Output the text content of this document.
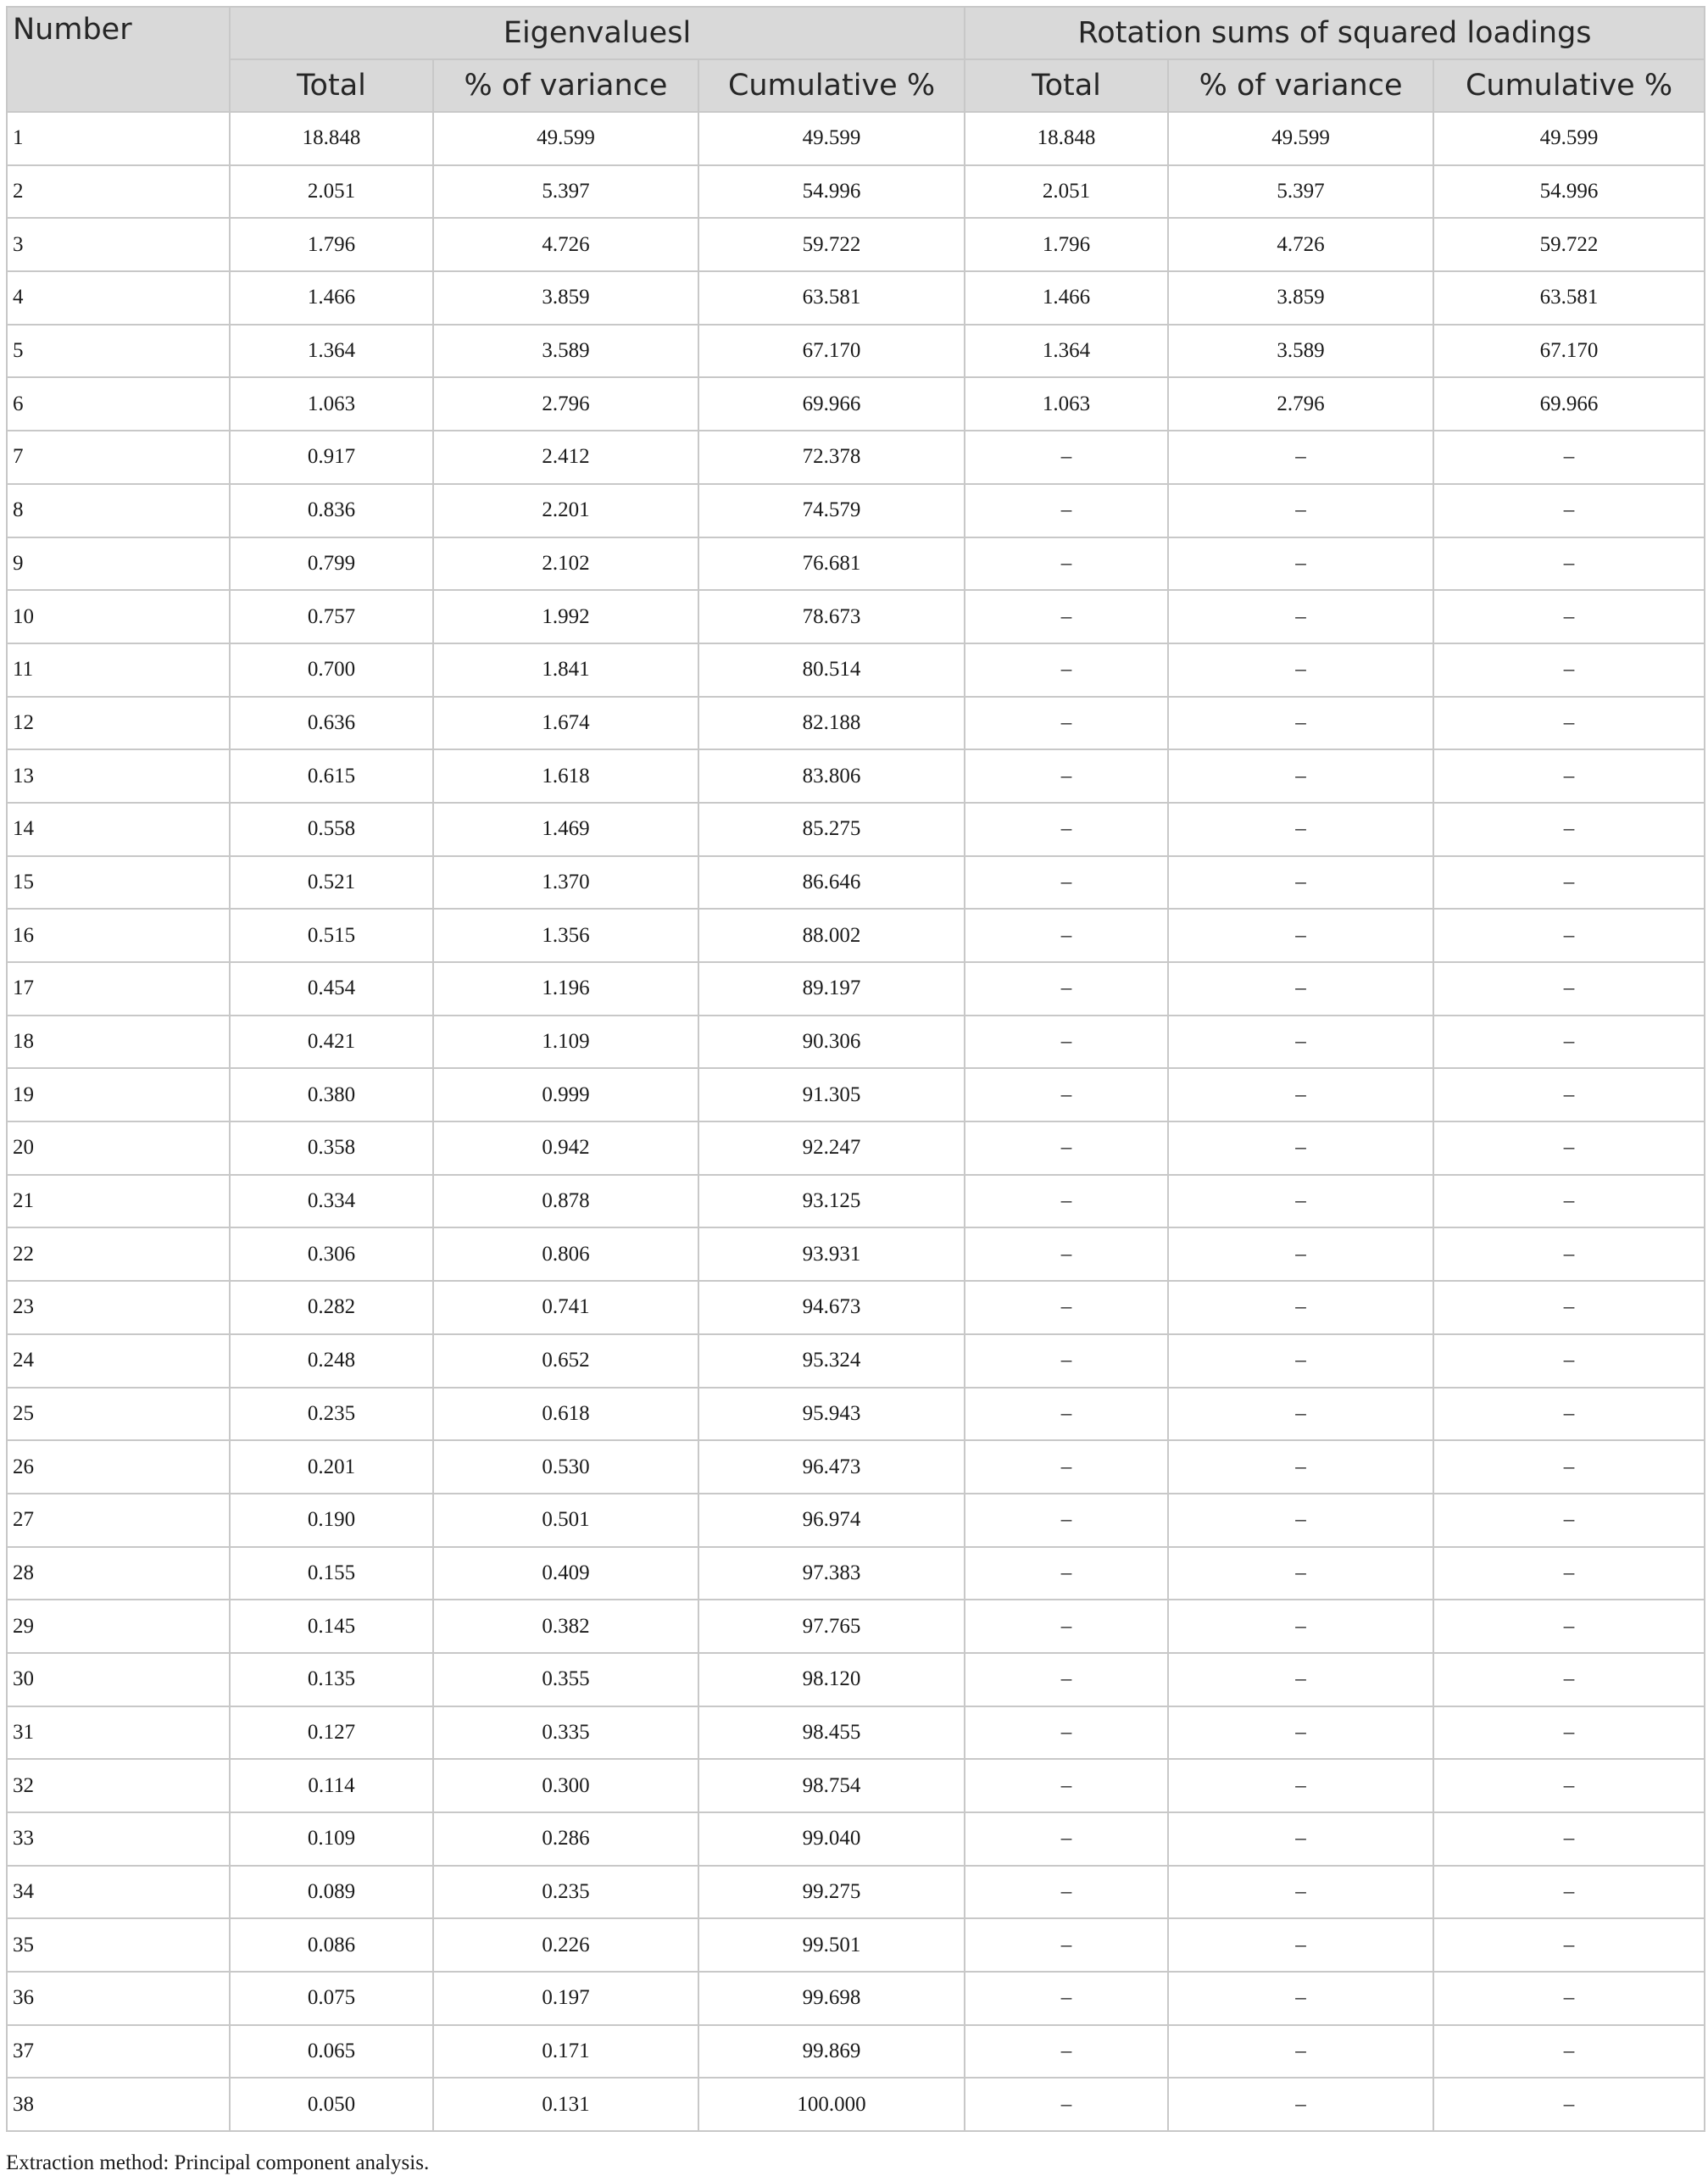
Number	Eigenvaluesl			Rotation sums of squared loadings		
	Total	% of variance	Cumulative %	Total	% of variance	Cumulative %
1	18.848	49.599	49.599	18.848	49.599	49.599
2	2.051	5.397	54.996	2.051	5.397	54.996
3	1.796	4.726	59.722	1.796	4.726	59.722
4	1.466	3.859	63.581	1.466	3.859	63.581
5	1.364	3.589	67.170	1.364	3.589	67.170
6	1.063	2.796	69.966	1.063	2.796	69.966
7	0.917	2.412	72.378	–	–	–
8	0.836	2.201	74.579	–	–	–
9	0.799	2.102	76.681	–	–	–
10	0.757	1.992	78.673	–	–	–
11	0.700	1.841	80.514	–	–	–
12	0.636	1.674	82.188	–	–	–
13	0.615	1.618	83.806	–	–	–
14	0.558	1.469	85.275	–	–	–
15	0.521	1.370	86.646	–	–	–
16	0.515	1.356	88.002	–	–	–
17	0.454	1.196	89.197	–	–	–
18	0.421	1.109	90.306	–	–	–
19	0.380	0.999	91.305	–	–	–
20	0.358	0.942	92.247	–	–	–
21	0.334	0.878	93.125	–	–	–
22	0.306	0.806	93.931	–	–	–
23	0.282	0.741	94.673	–	–	–
24	0.248	0.652	95.324	–	–	–
25	0.235	0.618	95.943	–	–	–
26	0.201	0.530	96.473	–	–	–
27	0.190	0.501	96.974	–	–	–
28	0.155	0.409	97.383	–	–	–
29	0.145	0.382	97.765	–	–	–
30	0.135	0.355	98.120	–	–	–
31	0.127	0.335	98.455	–	–	–
32	0.114	0.300	98.754	–	–	–
33	0.109	0.286	99.040	–	–	–
34	0.089	0.235	99.275	–	–	–
35	0.086	0.226	99.501	–	–	–
36	0.075	0.197	99.698	–	–	–
37	0.065	0.171	99.869	–	–	–
38	0.050	0.131	100.000	–	–	–
Extraction method: Principal component analysis.
